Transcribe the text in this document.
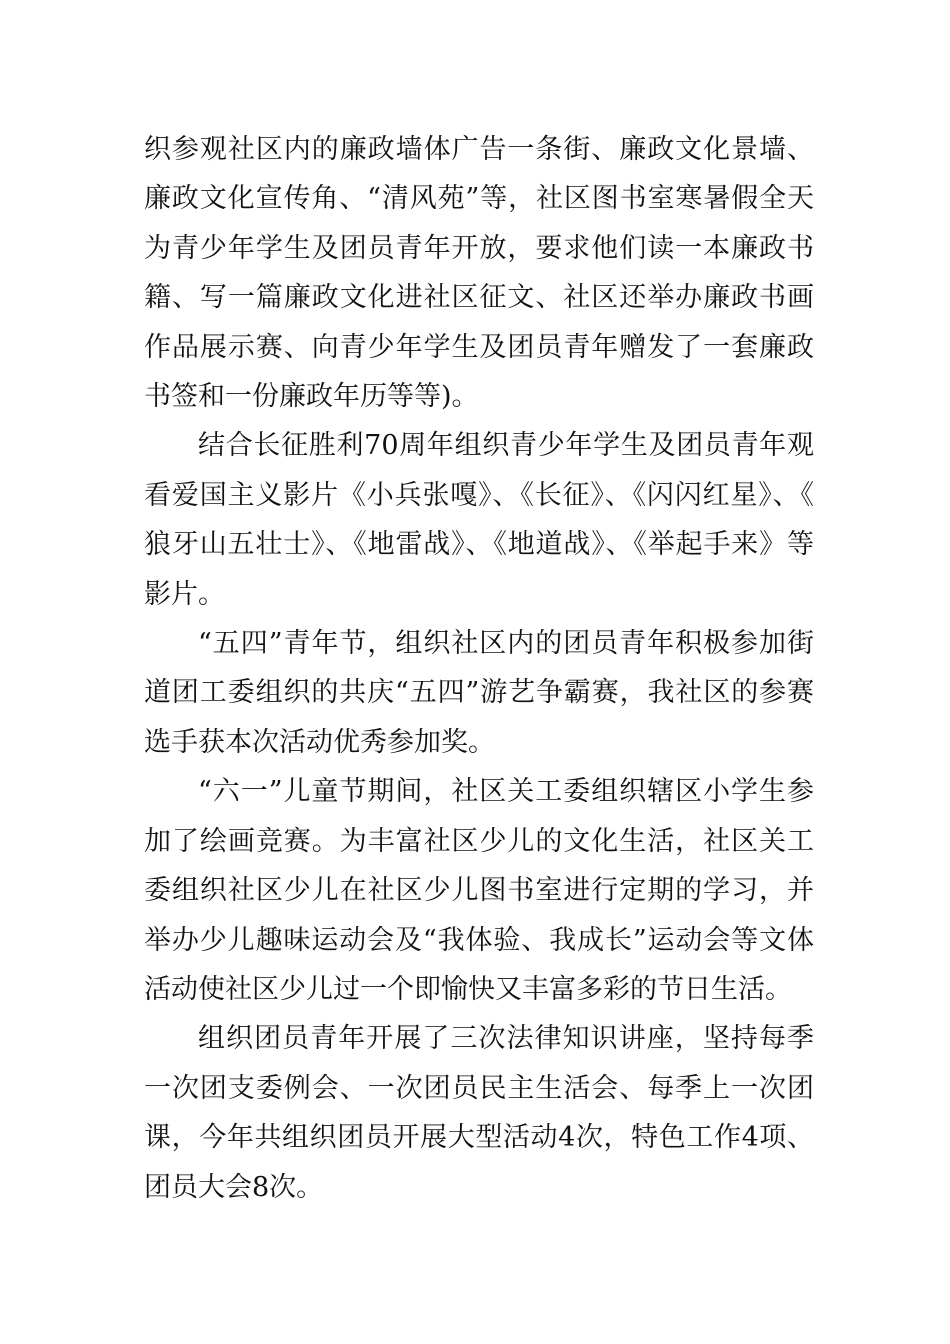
织参观社区内的廉政墙体广告一条街、廉政文化景墙、廉政文化宣传角、“清风苑”等，社区图书室寒暑假全天为青少年学生及团员青年开放，要求他们读一本廉政书籍、写一篇廉政文化进社区征文、社区还举办廉政书画作品展示赛、向青少年学生及团员青年赠发了一套廉政书签和一份廉政年历等等)。

结合长征胜利70周年组织青少年学生及团员青年观看爱国主义影片《小兵张嘎》、《长征》、《闪闪红星》、《狼牙山五壮士》、《地雷战》、《地道战》、《举起手来》等影片。

“五四”青年节，组织社区内的团员青年积极参加街道团工委组织的共庆“五四”游艺争霸赛，我社区的参赛选手获本次活动优秀参加奖。

“六一”儿童节期间，社区关工委组织辖区小学生参加了绘画竞赛。为丰富社区少儿的文化生活，社区关工委组织社区少儿在社区少儿图书室进行定期的学习，并举办少儿趣味运动会及“我体验、我成长”运动会等文体活动使社区少儿过一个即愉快又丰富多彩的节日生活。

组织团员青年开展了三次法律知识讲座，坚持每季一次团支委例会、一次团员民主生活会、每季上一次团课，今年共组织团员开展大型活动4次，特色工作4项、团员大会8次。
